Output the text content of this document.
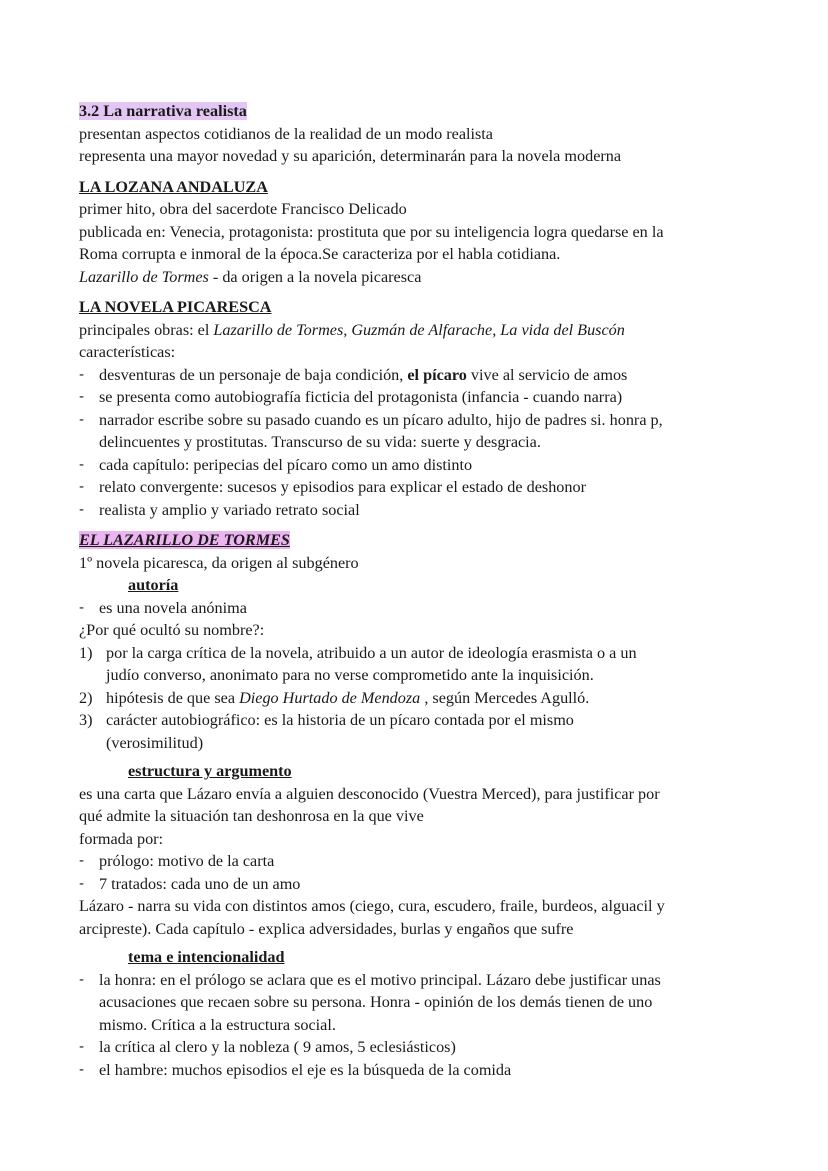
3.2 La narrativa realista
presentan aspectos cotidianos de la realidad de un modo realista
representa una mayor novedad y su aparición, determinarán para la novela moderna
LA LOZANA ANDALUZA
primer hito, obra del sacerdote Francisco Delicado
publicada en: Venecia, protagonista: prostituta que por su inteligencia logra quedarse en la
Roma corrupta e inmoral de la época.Se caracteriza por el habla cotidiana.
Lazarillo de Tormes - da origen a la novela picaresca
LA NOVELA PICARESCA
principales obras: el Lazarillo de Tormes, Guzmán de Alfarache, La vida del Buscón
características:
- desventuras de un personaje de baja condición, el pícaro vive al servicio de amos
- se presenta como autobiografía ficticia del protagonista (infancia - cuando narra)
- narrador escribe sobre su pasado cuando es un pícaro adulto, hijo de padres si. honra p,
delincuentes y prostitutas. Transcurso de su vida: suerte y desgracia.
- cada capítulo: peripecias del pícaro como un amo distinto
- relato convergente: sucesos y episodios para explicar el estado de deshonor
- realista y amplio y variado retrato social
EL LAZARILLO DE TORMES
1º novela picaresca, da origen al subgénero
autoría
- es una novela anónima
¿Por qué ocultó su nombre?:
1) por la carga crítica de la novela, atribuido a un autor de ideología erasmista o a un
judío converso, anonimato para no verse comprometido ante la inquisición.
2) hipótesis de que sea Diego Hurtado de Mendoza , según Mercedes Agulló.
3) carácter autobiográfico: es la historia de un pícaro contada por el mismo
(verosimilitud)
estructura y argumento
es una carta que Lázaro envía a alguien desconocido (Vuestra Merced), para justificar por
qué admite la situación tan deshonrosa en la que vive
formada por:
- prólogo: motivo de la carta
- 7 tratados: cada uno de un amo
Lázaro - narra su vida con distintos amos (ciego, cura, escudero, fraile, burdeos, alguacil y
arcipreste). Cada capítulo - explica adversidades, burlas y engaños que sufre
tema e intencionalidad
- la honra: en el prólogo se aclara que es el motivo principal. Lázaro debe justificar unas
acusaciones que recaen sobre su persona. Honra - opinión de los demás tienen de uno
mismo. Crítica a la estructura social.
- la crítica al clero y la nobleza ( 9 amos, 5 eclesiásticos)
- el hambre: muchos episodios el eje es la búsqueda de la comida
